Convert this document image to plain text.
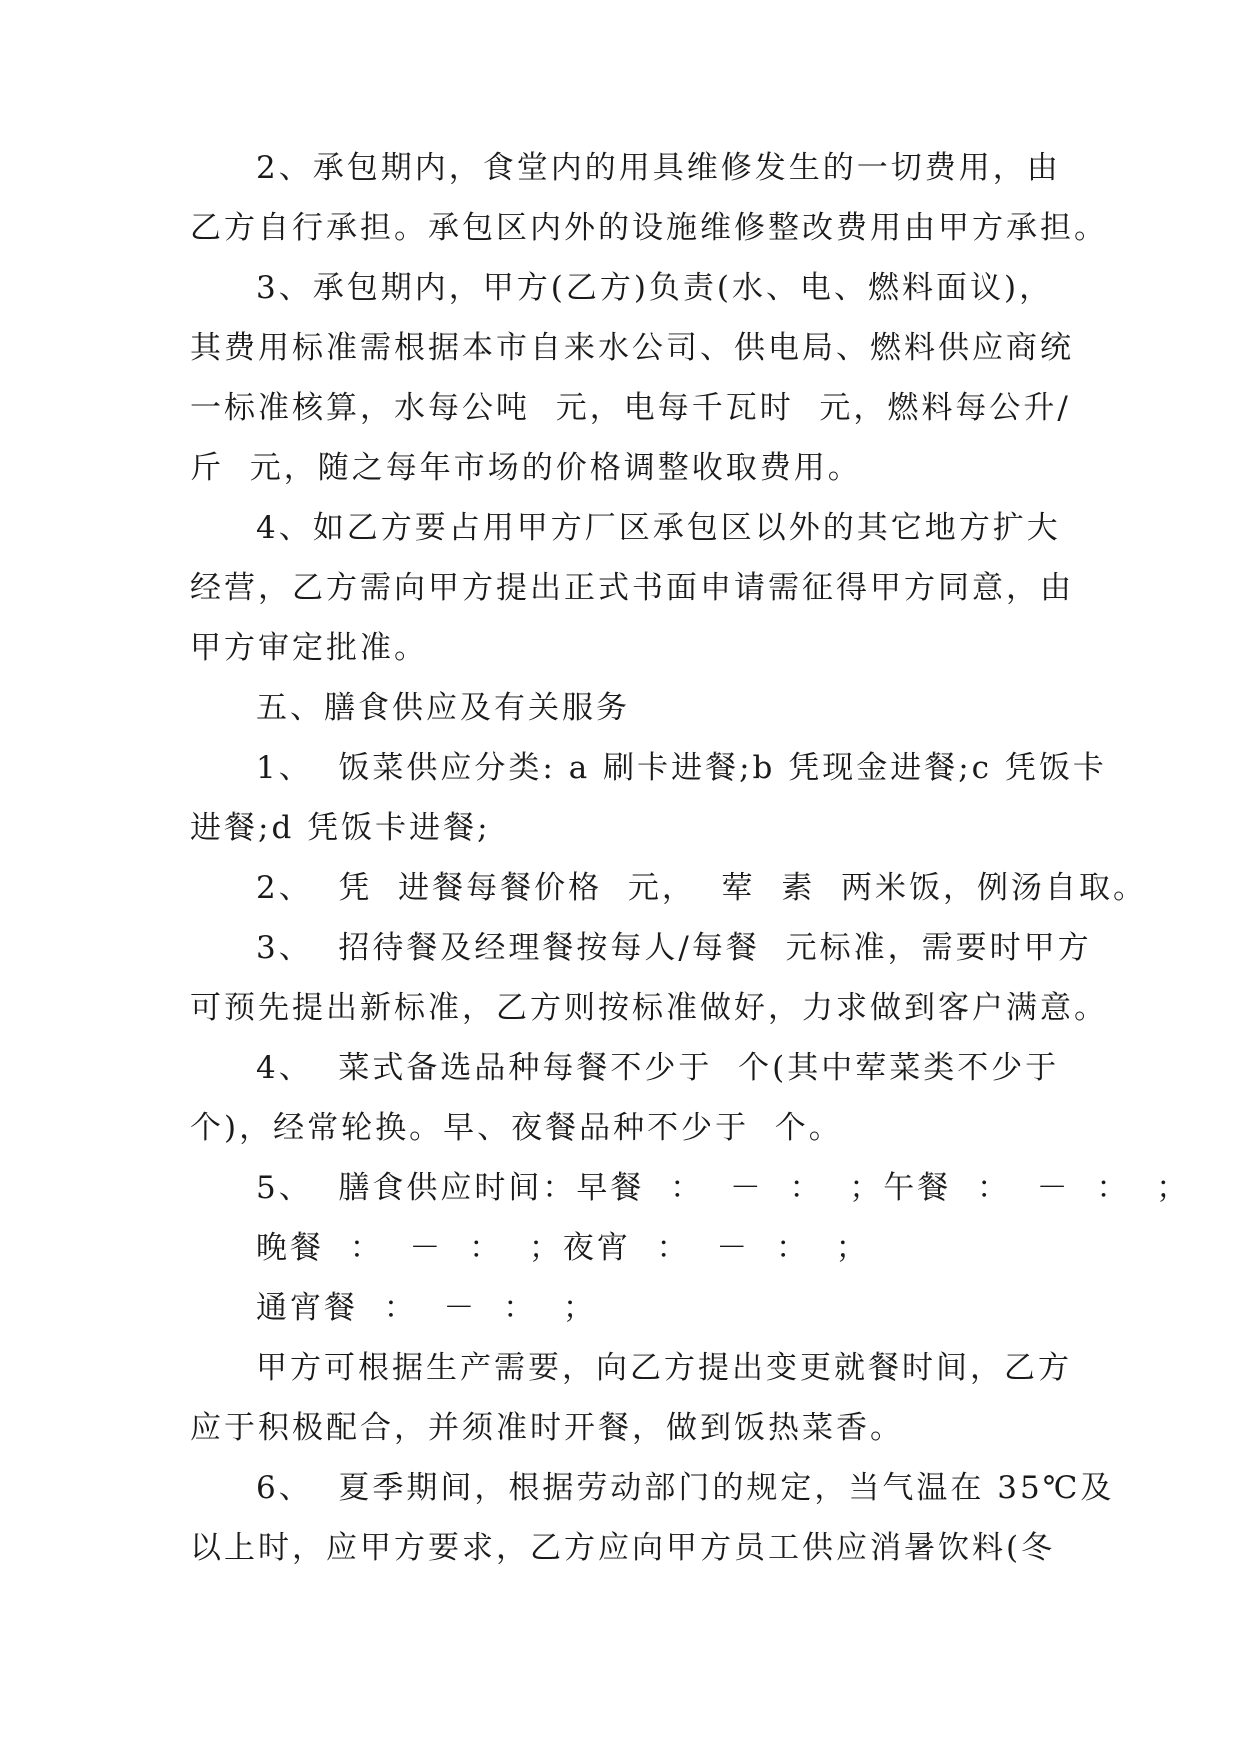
2、承包期内，食堂内的用具维修发生的一切费用，由
乙方自行承担。承包区内外的设施维修整改费用由甲方承担。
3、承包期内，甲方(乙方)负责(水、电、燃料面议)，
其费用标准需根据本市自来水公司、供电局、燃料供应商统
一标准核算，水每公吨  元，电每千瓦时  元，燃料每公升/
斤  元，随之每年市场的价格调整收取费用。
4、如乙方要占用甲方厂区承包区以外的其它地方扩大
经营，乙方需向甲方提出正式书面申请需征得甲方同意，由
甲方审定批准。
五、膳食供应及有关服务
1、  饭菜供应分类: a 刷卡进餐;b 凭现金进餐;c 凭饭卡
进餐;d 凭饭卡进餐;
2、  凭  进餐每餐价格  元，  荤  素  两米饭，例汤自取。
3、  招待餐及经理餐按每人/每餐  元标准，需要时甲方
可预先提出新标准，乙方则按标准做好，力求做到客户满意。
4、  菜式备选品种每餐不少于  个(其中荤菜类不少于
个)，经常轮换。早、夜餐品种不少于  个。
5、  膳食供应时间：早餐  ：  －  ：  ；午餐  ：  －  ：  ；
晚餐  ：  －  ：  ；夜宵  ：  －  ：  ；
通宵餐  ：  －  ：  ；
甲方可根据生产需要，向乙方提出变更就餐时间，乙方
应于积极配合，并须准时开餐，做到饭热菜香。
6、  夏季期间，根据劳动部门的规定，当气温在 35℃及
以上时，应甲方要求，乙方应向甲方员工供应消暑饮料(冬
